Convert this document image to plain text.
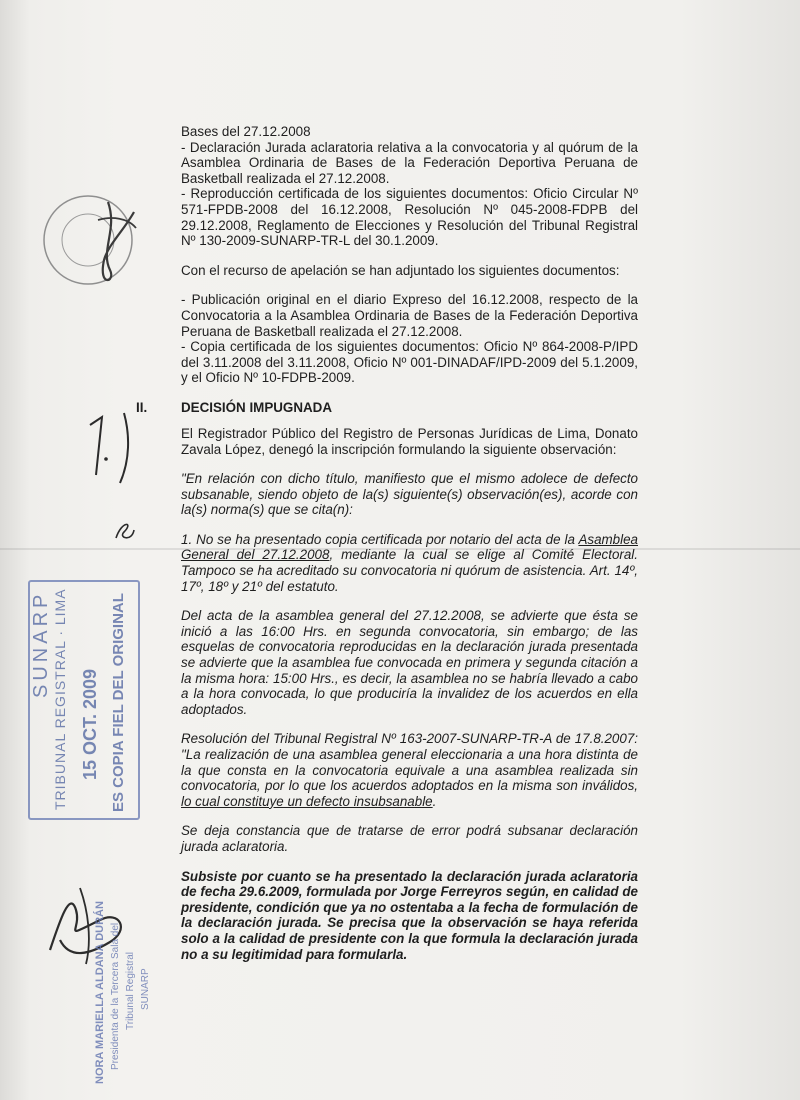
Bases del 27.12.2008

- Declaración Jurada aclaratoria relativa a la convocatoria y al quórum de la Asamblea Ordinaria de Bases de la Federación Deportiva Peruana de Basketball realizada el 27.12.2008.

- Reproducción certificada de los siguientes documentos: Oficio Circular Nº 571-FPDB-2008 del 16.12.2008, Resolución Nº 045-2008-FDPB del 29.12.2008, Reglamento de Elecciones y Resolución del Tribunal Registral Nº 130-2009-SUNARP-TR-L del 30.1.2009.

Con el recurso de apelación se han adjuntado los siguientes documentos:

- Publicación original en el diario Expreso del 16.12.2008, respecto de la Convocatoria a la Asamblea Ordinaria de Bases de la Federación Deportiva Peruana de Basketball realizada el 27.12.2008.

- Copia certificada de los siguientes documentos: Oficio Nº 864-2008-P/IPD del 3.11.2008 del 3.11.2008, Oficio Nº 001-DINADAF/IPD-2009 del 5.1.2009, y el Oficio Nº 10-FDPB-2009.

El Registrador Público del Registro de Personas Jurídicas de Lima, Donato Zavala López, denegó la inscripción formulando la siguiente observación:

"En relación con dicho título, manifiesto que el mismo adolece de defecto subsanable, siendo objeto de la(s) siguiente(s) observación(es), acorde con la(s) norma(s) que se cita(n):

1. No se ha presentado copia certificada por notario del acta de la Asamblea General del 27.12.2008, mediante la cual se elige al Comité Electoral. Tampoco se ha acreditado su convocatoria ni quórum de asistencia. Art. 14º, 17º, 18º y 21º del estatuto.

Del acta de la asamblea general del 27.12.2008, se advierte que ésta se inició a las 16:00 Hrs. en segunda convocatoria, sin embargo; de las esquelas de convocatoria reproducidas en la declaración jurada presentada se advierte que la asamblea fue convocada en primera y segunda citación a la misma hora: 15:00 Hrs., es decir, la asamblea no se habría llevado a cabo a la hora convocada, lo que produciría la invalidez de los acuerdos en ella adoptados.

Resolución del Tribunal Registral Nº 163-2007-SUNARP-TR-A de 17.8.2007: "La realización de una asamblea general eleccionaria a una hora distinta de la que consta en la convocatoria equivale a una asamblea realizada sin convocatoria, por lo que los acuerdos adoptados en la misma son inválidos, lo cual constituye un defecto insubsanable.

Se deja constancia que de tratarse de error podrá subsanar declaración jurada aclaratoria.

Subsiste por cuanto se ha presentado la declaración jurada aclaratoria de fecha 29.6.2009, formulada por Jorge Ferreyros según, en calidad de presidente, condición que ya no ostentaba a la fecha de formulación de la declaración jurada. Se precisa que la observación se haya referida solo a la calidad de presidente con la que formula la declaración jurada no a su legitimidad para formularla.

II.	DECISIÓN IMPUGNADA
SUNARP TRIBUNAL REGISTRAL · LIMA 15 OCT. 2009 ES COPIA FIEL DEL ORIGINAL
NORA MARIELLA ALDANA DURÁN Presidenta de la Tercera Sala del Tribunal Registral SUNARP
